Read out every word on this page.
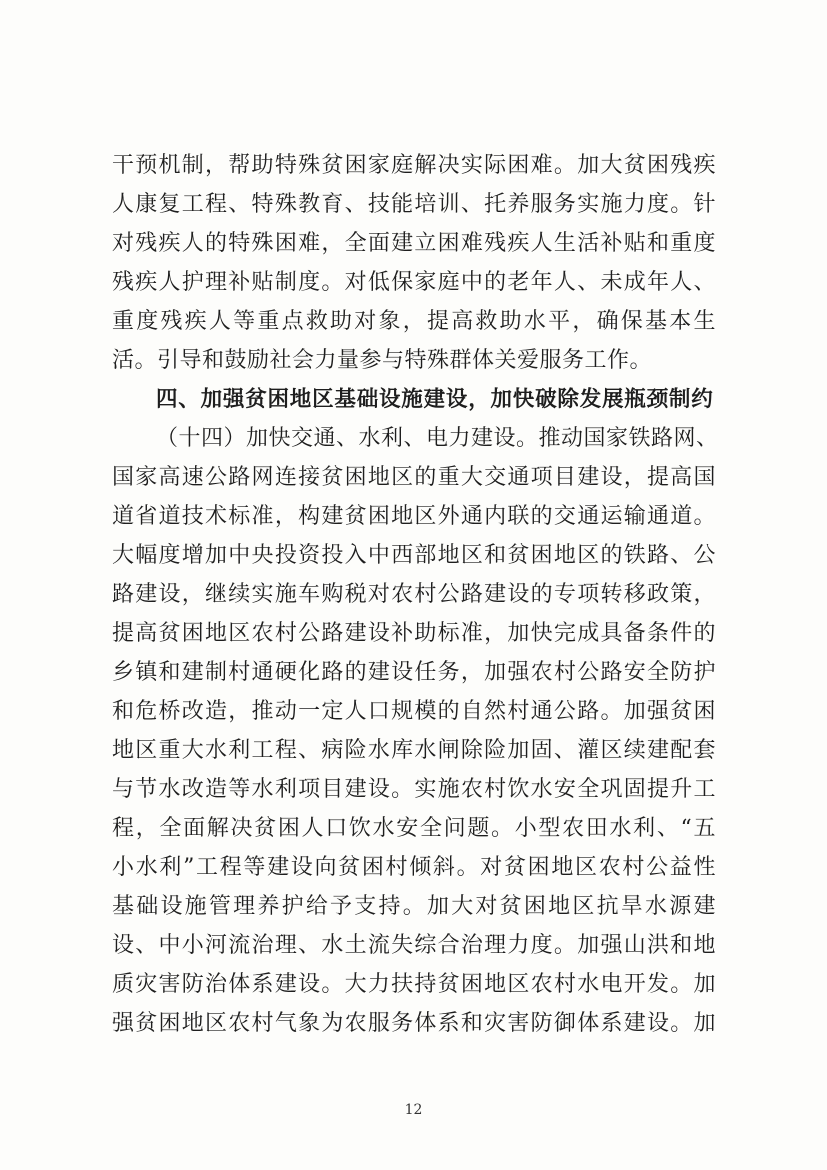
干预机制，帮助特殊贫困家庭解决实际困难。加大贫困残疾
人康复工程、特殊教育、技能培训、托养服务实施力度。针
对残疾人的特殊困难，全面建立困难残疾人生活补贴和重度
残疾人护理补贴制度。对低保家庭中的老年人、未成年人、
重度残疾人等重点救助对象，提高救助水平，确保基本生
活。引导和鼓励社会力量参与特殊群体关爱服务工作。
四、加强贫困地区基础设施建设，加快破除发展瓶颈制约
（十四）加快交通、水利、电力建设。推动国家铁路网、
国家高速公路网连接贫困地区的重大交通项目建设，提高国
道省道技术标准，构建贫困地区外通内联的交通运输通道。
大幅度增加中央投资投入中西部地区和贫困地区的铁路、公
路建设，继续实施车购税对农村公路建设的专项转移政策，
提高贫困地区农村公路建设补助标准，加快完成具备条件的
乡镇和建制村通硬化路的建设任务，加强农村公路安全防护
和危桥改造，推动一定人口规模的自然村通公路。加强贫困
地区重大水利工程、病险水库水闸除险加固、灌区续建配套
与节水改造等水利项目建设。实施农村饮水安全巩固提升工
程，全面解决贫困人口饮水安全问题。小型农田水利、“五
小水利”工程等建设向贫困村倾斜。对贫困地区农村公益性
基础设施管理养护给予支持。加大对贫困地区抗旱水源建
设、中小河流治理、水土流失综合治理力度。加强山洪和地
质灾害防治体系建设。大力扶持贫困地区农村水电开发。加
强贫困地区农村气象为农服务体系和灾害防御体系建设。加
12
